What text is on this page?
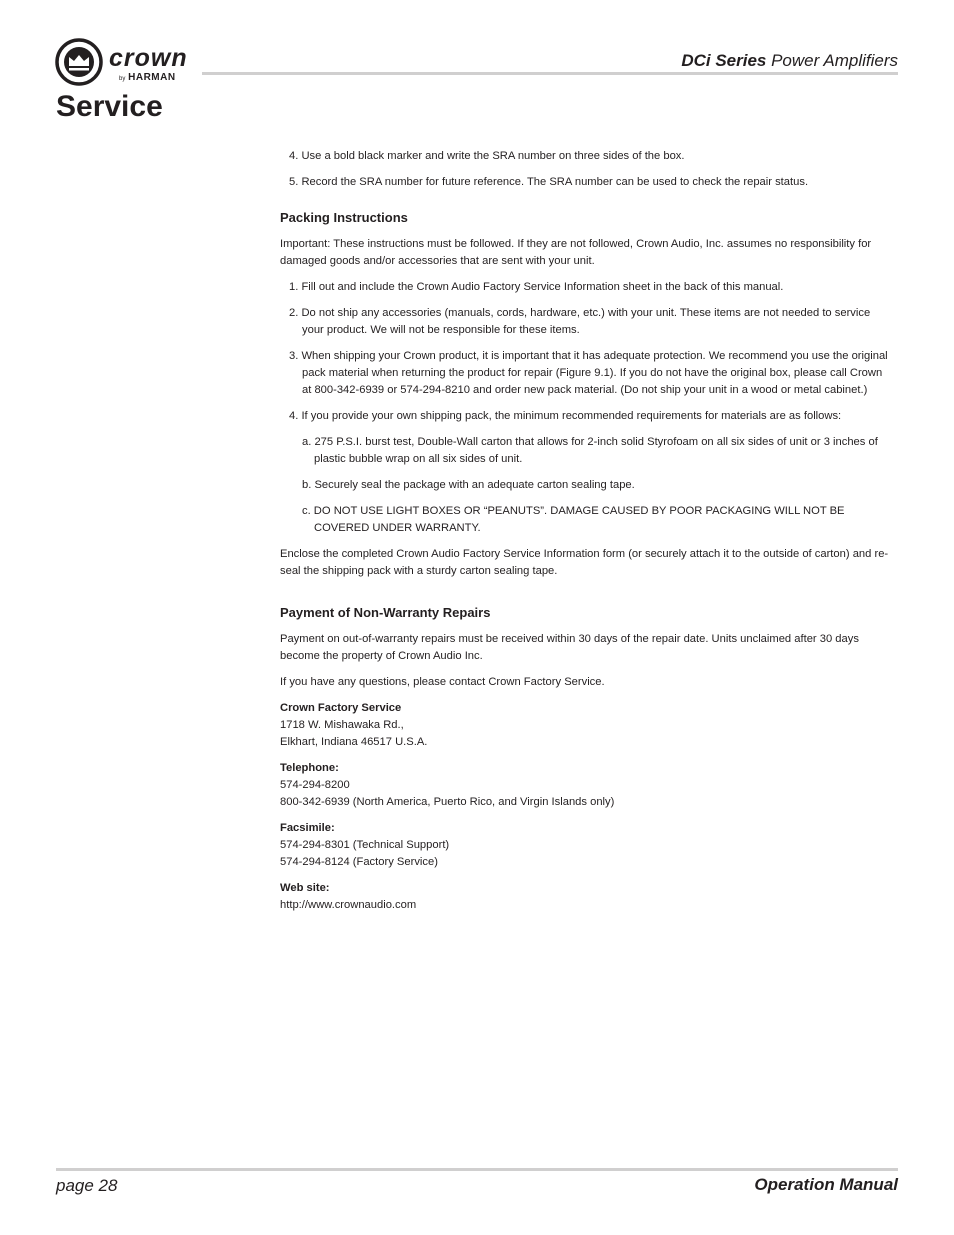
crown
by HARMAN
DCi Series Power Amplifiers
Service

4. Use a bold black marker and write the SRA number on three sides of the box.

5. Record the SRA number for future reference. The SRA number can be used to check the repair status.

Packing Instructions

Important: These instructions must be followed. If they are not followed, Crown Audio, Inc. assumes no responsibility for damaged goods and/or accessories that are sent with your unit.

1. Fill out and include the Crown Audio Factory Service Information sheet in the back of this manual.

2. Do not ship any accessories (manuals, cords, hardware, etc.) with your unit. These items are not needed to service your product. We will not be responsible for these items.

3. When shipping your Crown product, it is important that it has adequate protection. We recommend you use the original pack material when returning the product for repair (Figure 9.1). If you do not have the original box, please call Crown at 800-342-6939 or 574-294-8210 and order new pack material. (Do not ship your unit in a wood or metal cabinet.)

4. If you provide your own shipping pack, the minimum recommended requirements for materials are as follows:

a. 275 P.S.I. burst test, Double-Wall carton that allows for 2-inch solid Styrofoam on all six sides of unit or 3 inches of plastic bubble wrap on all six sides of unit.

b. Securely seal the package with an adequate carton sealing tape.

c. DO NOT USE LIGHT BOXES OR “PEANUTS”. DAMAGE CAUSED BY POOR PACKAGING WILL NOT BE COVERED UNDER WARRANTY.

Enclose the completed Crown Audio Factory Service Information form (or securely attach it to the outside of carton) and re-seal the shipping pack with a sturdy carton sealing tape.

Payment of Non-Warranty Repairs

Payment on out-of-warranty repairs must be received within 30 days of the repair date. Units unclaimed after 30 days become the property of Crown Audio Inc.

If you have any questions, please contact Crown Factory Service.

Crown Factory Service
1718 W. Mishawaka Rd.,
Elkhart, Indiana 46517 U.S.A.
Telephone:
574-294-8200
800-342-6939 (North America, Puerto Rico, and Virgin Islands only)
Facsimile:
574-294-8301 (Technical Support)
574-294-8124 (Factory Service)
Web site:
http://www.crownaudio.com
page 28	Operation Manual
